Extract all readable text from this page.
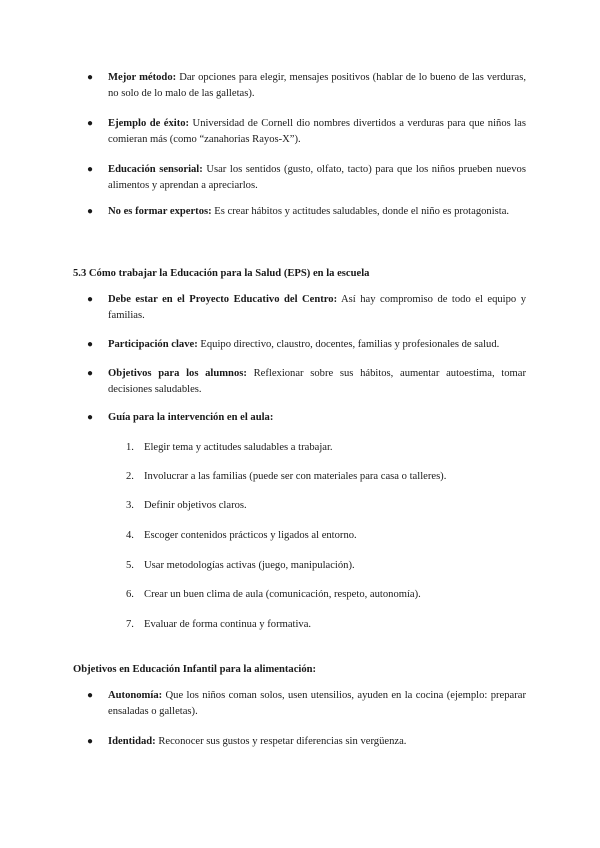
● Mejor método: Dar opciones para elegir, mensajes positivos (hablar de lo bueno de las verduras, no solo de lo malo de las galletas).
● Ejemplo de éxito: Universidad de Cornell dio nombres divertidos a verduras para que niños las comieran más (como “zanahorias Rayos-X”).
● Educación sensorial: Usar los sentidos (gusto, olfato, tacto) para que los niños prueben nuevos alimentos y aprendan a apreciarlos.
● No es formar expertos: Es crear hábitos y actitudes saludables, donde el niño es protagonista.
5.3 Cómo trabajar la Educación para la Salud (EPS) en la escuela
● Debe estar en el Proyecto Educativo del Centro: Así hay compromiso de todo el equipo y familias.
● Participación clave: Equipo directivo, claustro, docentes, familias y profesionales de salud.
● Objetivos para los alumnos: Reflexionar sobre sus hábitos, aumentar autoestima, tomar decisiones saludables.
● Guía para la intervención en el aula:
1. Elegir tema y actitudes saludables a trabajar.
2. Involucrar a las familias (puede ser con materiales para casa o talleres).
3. Definir objetivos claros.
4. Escoger contenidos prácticos y ligados al entorno.
5. Usar metodologías activas (juego, manipulación).
6. Crear un buen clima de aula (comunicación, respeto, autonomía).
7. Evaluar de forma continua y formativa.
Objetivos en Educación Infantil para la alimentación:
● Autonomía: Que los niños coman solos, usen utensilios, ayuden en la cocina (ejemplo: preparar ensaladas o galletas).
● Identidad: Reconocer sus gustos y respetar diferencias sin vergüenza.
